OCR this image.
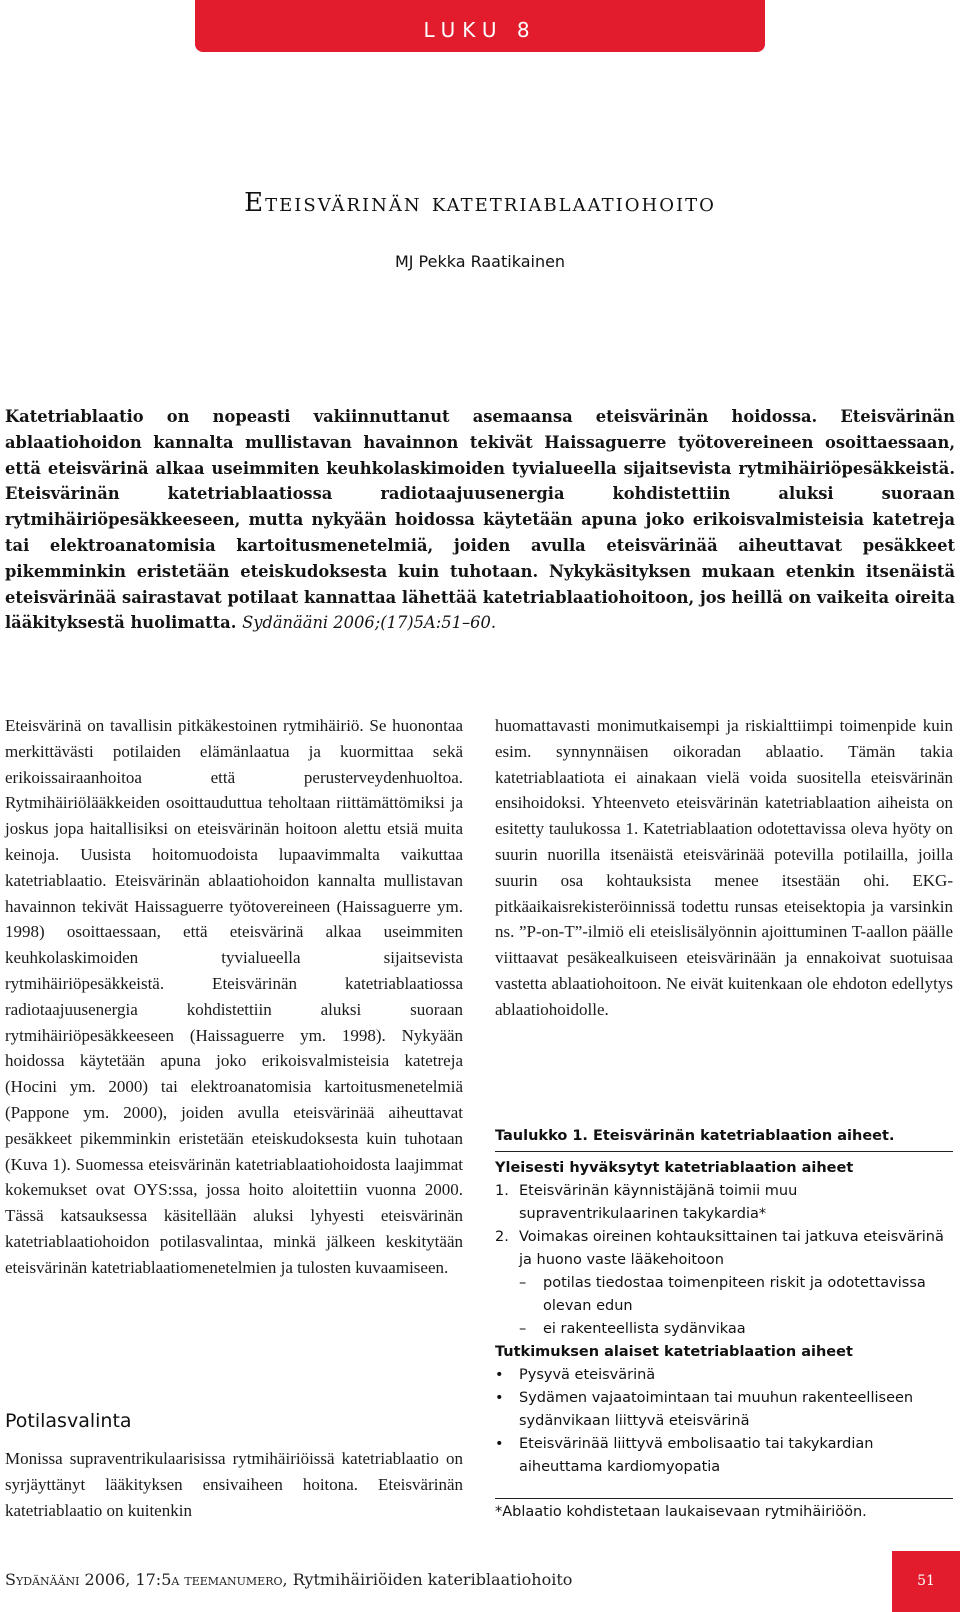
LUKU 8
Eteisvärinän katetriablaatiohoito
MJ Pekka Raatikainen

Katetriablaatio on nopeasti vakiinnuttanut asemaansa eteisvärinän hoidossa. Eteisvärinän ablaatiohoidon kannalta mullistavan havainnon tekivät Haissaguerre työtovereineen osoittaessaan, että eteisvärinä alkaa useimmiten keuhkolaskimoiden tyvialueella sijaitsevista rytmihäiriöpesäkkeistä. Eteisvärinän katetriablaatiossa radiotaajuusenergia kohdistettiin aluksi suoraan rytmihäiriöpesäkkeeseen, mutta nykyään hoidossa käytetään apuna joko erikoisvalmisteisia katetreja tai elektroanatomisia kartoitusmenetelmiä, joiden avulla eteisvärinää aiheuttavat pesäkkeet pikemminkin eristetään eteiskudoksesta kuin tuhotaan. Nykykäsityksen mukaan etenkin itsenäistä eteisvärinää sairastavat potilaat kannattaa lähettää katetriablaatiohoitoon, jos heillä on vaikeita oireita lääkityksestä huolimatta. Sydänääni 2006;(17)5A:51–60.

Eteisvärinä on tavallisin pitkäkestoinen rytmihäiriö. Se huonontaa merkittävästi potilaiden elämänlaatua ja kuormittaa sekä erikoissairaanhoitoa että perusterveydenhuoltoa. Rytmihäiriölääkkeiden osoittauduttua teholtaan riittämättömiksi ja joskus jopa haitallisiksi on eteisvärinän hoitoon alettu etsiä muita keinoja. Uusista hoitomuodoista lupaavimmalta vaikuttaa katetriablaatio. Eteisvärinän ablaatiohoidon kannalta mullistavan havainnon tekivät Haissaguerre työtovereineen (Haissaguerre ym. 1998) osoittaessaan, että eteisvärinä alkaa useimmiten keuhkolaskimoiden tyvialueella sijaitsevista rytmihäiriöpesäkkeistä. Eteisvärinän katetriablaatiossa radiotaajuusenergia kohdistettiin aluksi suoraan rytmihäiriöpesäkkeeseen (Haissaguerre ym. 1998). Nykyään hoidossa käytetään apuna joko erikoisvalmisteisia katetreja (Hocini ym. 2000) tai elektroanatomisia kartoitusmenetelmiä (Pappone ym. 2000), joiden avulla eteisvärinää aiheuttavat pesäkkeet pikemminkin eristetään eteiskudoksesta kuin tuhotaan (Kuva 1). Suomessa eteisvärinän katetriablaatiohoidosta laajimmat kokemukset ovat OYS:ssa, jossa hoito aloitettiin vuonna 2000. Tässä katsauksessa käsitellään aluksi lyhyesti eteisvärinän katetriablaatiohoidon potilasvalintaa, minkä jälkeen keskitytään eteisvärinän katetriablaatiomenetelmien ja tulosten kuvaamiseen.

Potilasvalinta

Monissa supraventrikulaarisissa rytmihäiriöissä katetriablaatio on syrjäyttänyt lääkityksen ensivaiheen hoitona. Eteisvärinän katetriablaatio on kuitenkin

huomattavasti monimutkaisempi ja riskialttiimpi toimenpide kuin esim. synnynnäisen oikoradan ablaatio. Tämän takia katetriablaatiota ei ainakaan vielä voida suositella eteisvärinän ensihoidoksi. Yhteenveto eteisvärinän katetriablaation aiheista on esitetty taulukossa 1. Katetriablaation odotettavissa oleva hyöty on suurin nuorilla itsenäistä eteisvärinää potevilla potilailla, joilla suurin osa kohtauksista menee itsestään ohi. EKG-pitkäaikaisrekisteröinnissä todettu runsas eteisektopia ja varsinkin ns. ”P-on-T”-ilmiö eli eteislisälyönnin ajoittuminen T-aallon päälle viittaavat pesäkealkuiseen eteisvärinään ja ennakoivat suotuisaa vastetta ablaatiohoitoon. Ne eivät kuitenkaan ole ehdoton edellytys ablaatiohoidolle.

Taulukko 1. Eteisvärinän katetriablaation aiheet.
Yleisesti hyväksytyt katetriablaation aiheet
1. Eteisvärinän käynnistäjänä toimii muu supraventrikulaarinen takykardia*
2. Voimakas oireinen kohtauksittainen tai jatkuva eteisvärinä ja huono vaste lääkehoitoon
– potilas tiedostaa toimenpiteen riskit ja odotettavissa olevan edun
– ei rakenteellista sydänvikaa
Tutkimuksen alaiset katetriablaation aiheet
• Pysyvä eteisvärinä
• Sydämen vajaatoimintaan tai muuhun rakenteelliseen sydänvikaan liittyvä eteisvärinä
• Eteisvärinää liittyvä embolisaatio tai takykardian aiheuttama kardiomyopatia
*Ablaatio kohdistetaan laukaisevaan rytmihäiriöön.
Sydänääni 2006, 17:5a teemanumero, Rytmihäiriöiden kateriblaatiohoito	51
